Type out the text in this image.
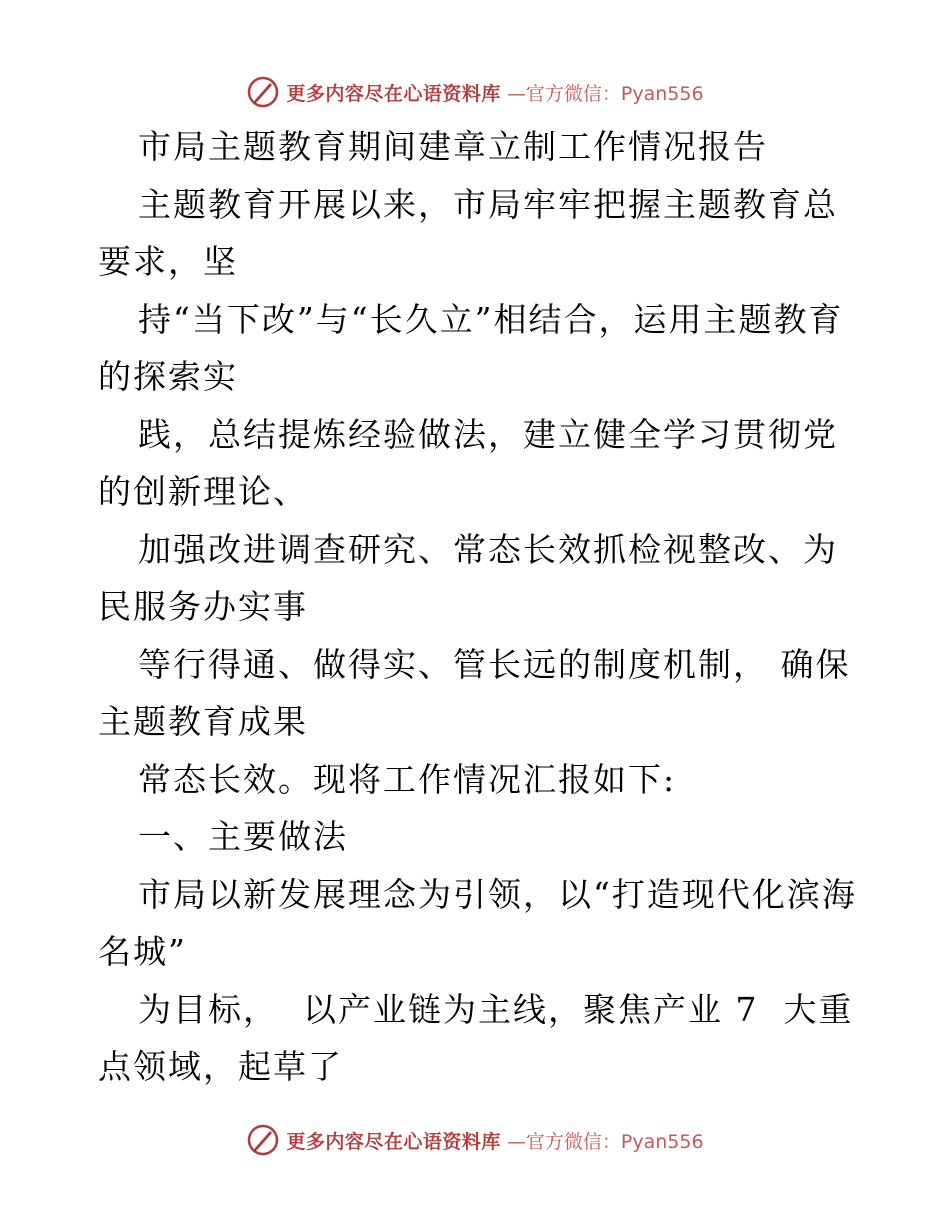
更多内容尽在心语资料库 —官方微信：Pyan556

市局主题教育期间建章立制工作情况报告

主题教育开展以来，市局牢牢把握主题教育总要求，坚

持“当下改”与“长久立”相结合，运用主题教育的探索实

践，总结提炼经验做法，建立健全学习贯彻党的创新理论、

加强改进调查研究、常态长效抓检视整改、为民服务办实事

等行得通、做得实、管长远的制度机制， 确保主题教育成果

常态长效。现将工作情况汇报如下:

一、主要做法

市局以新发展理念为引领，以“打造现代化滨海名城”

为目标，  以产业链为主线，聚焦产业 7  大重点领域，起草了

更多内容尽在心语资料库 —官方微信：Pyan556
